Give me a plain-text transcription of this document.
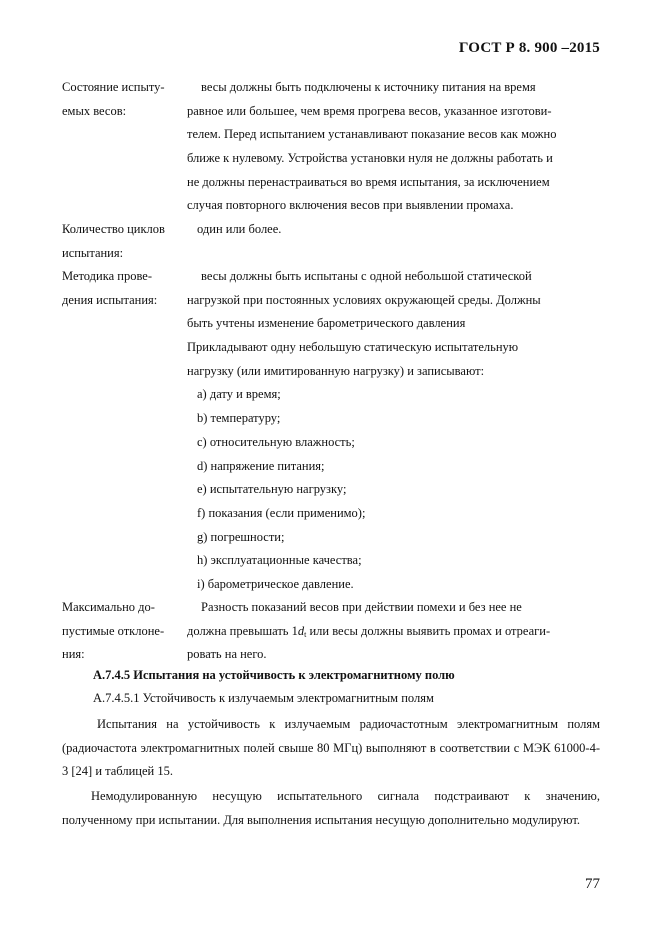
ГОСТ Р 8. 900 –2015
Состояние испыту-
емых весов:
весы должны быть подключены к источнику питания на время
равное или большее, чем время прогрева весов, указанное изготови-
телем. Перед испытанием устанавливают показание весов как можно
ближе к нулевому. Устройства установки нуля не должны работать и
не должны перенастраиваться во время испытания, за исключением
случая повторного включения весов при выявлении промаха.
Количество циклов
испытания:
один или более.
Методика прове-
дения испытания:
весы должны быть испытаны с одной небольшой статической
нагрузкой при постоянных условиях окружающей среды. Должны
быть учтены изменение барометрического давления
Прикладывают одну небольшую статическую испытательную
нагрузку (или имитированную нагрузку) и записывают:
а) дату и время;
b) температуру;
c) относительную влажность;
d) напряжение питания;
е) испытательную нагрузку;
f) показания (если применимо);
g) погрешности;
h) эксплуатационные качества;
i) барометрическое давление.
Максимально до-
пустимые отклоне-
ния:
Разность показаний весов при действии помехи и без нее не
должна превышать $1d_t$ или весы должны выявить промах и отреаги-
ровать на него.
А.7.4.5 Испытания на устойчивость к электромагнитному полю
А.7.4.5.1 Устойчивость к излучаемым электромагнитным полям
Испытания на устойчивость к излучаемым радиочастотным электромагнитным полям (радиочастота электромагнитных полей свыше 80 МГц) выполняют в соответствии с МЭК 61000-4-3 [24] и таблицей 15.
Немодулированную несущую испытательного сигнала подстраивают к значению, полученному при испытании. Для выполнения испытания несущую дополнительно модулируют.
77
